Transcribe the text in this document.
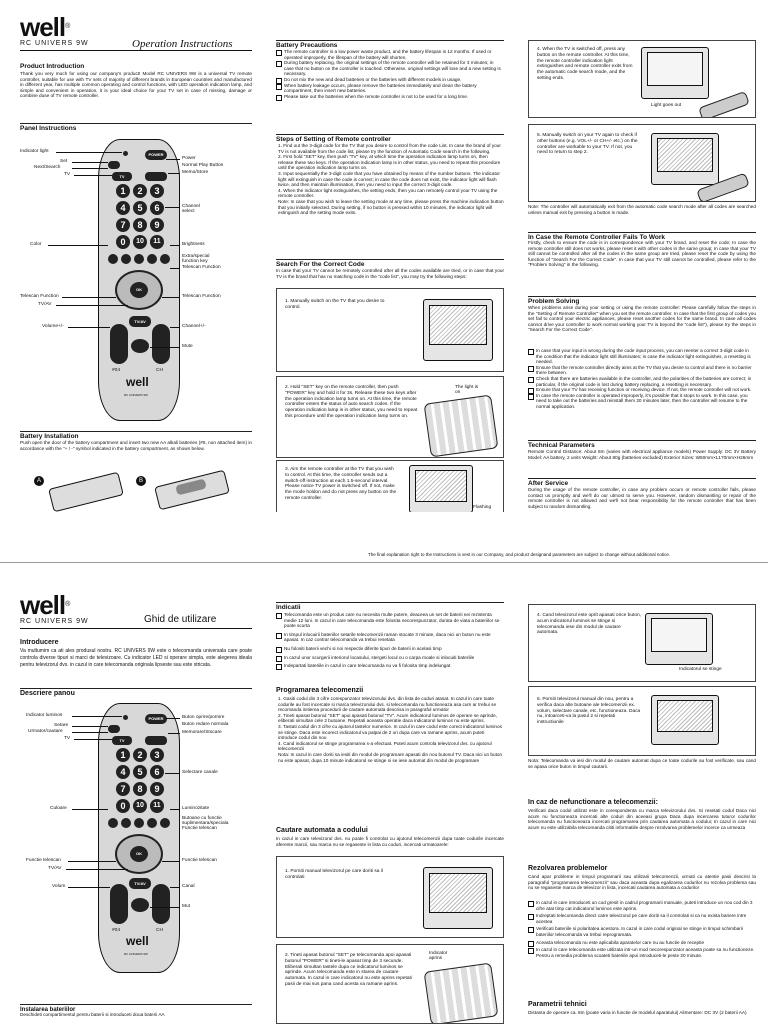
well®
RC UNIVERS 9W	Operation Instructions
Product Introduction
Thank you very much for using our company's product! Model RC UNIVERS 9W is a universal TV remote controller, suitable for use with TV sets of majority of different brands in European countries and manufactured in different year, has multiple common operating and control functions, with LED operation indication lamp, and simple and convenient in operation, it is your ideal choice for your TV set in case of missing, damage or combine duse of TV remote controller.
Panel Instructions
POWER
TV
1	2	3
4	5	6
7	8	9
0	10	11
OK
TV/AV
#04	CH
well
RC UNIVERS 9W
Indicator light
Set
Next/Search
TV
Color
Telescan Function
TV/AV
Volume+/-
Power
Normal Play Button
Memo/Store
Channel select
Brightness
Extra/special function key
Telescan Function
Telescan Function
Channel+/-
Mute
Battery Installation
Push open the door of the battery compartment and insert two new AA alkali batteries (#5, non attached item) in accordance with the "+ / -" symbol indicated in the battery compartment, as shown below.
A	B
Battery Precautions
The remote controller is a low power waste product, and the battery lifespan is 12 months. If used or operated improperly, the lifespan of the battery will shorten.
During battery replacing, the original settings of the remote controller will be retained for 3 minutes; in case that no button on the controller is touched. Otherwise, original settings will lose and a new setting is necessary.
Do not mix the new and dead batteries or the batteries with different models in usage.
When battery leakage occurs, please remove the batteries immediately and clean the battery compartment, then insert new batteries.
Please take out the batteries when the remote controller is not to be used for a long time.
Steps of Setting of Remote controller
1. Find out the 3-digit code for the TV that you desire to control from the code List. In case the brand of your TV is not available from the code list, please try the function of Automatic Code search in the following.
2. First hold "SET" key, then push "TV" key, at which time the operation indication lamp turns on, then release these two keys. If the operation indication lamp is in other status, you need to repeat this procedure until the operation indication lamp turns on.
3. Input sequentially the 3-digit code that you have obtained by means of the number buttons. The indicator light will extinguish in case the code is correct; in case the code does not exist, the indicator light will flash twice, and then maintain illumination, then you need to input the correct 3-digit code.
4. When the indicator light extinguishes, the setting ends, then you can remotely control your TV using the remote controller.
Note: In case that you wish to leave the setting mode at any time, please press the machine indication button that you initially selected. During setting, if no button is pressed within 10 minutes, the indicator light will extinguish and the setting mode exits.
Search For the Correct Code
In case that your TV cannot be remotely controlled after all the codes available are tried, or in case that your TV is the brand that has no matching code in the "code list", you may try the following steps:
1. Manually switch on the TV that you desire to control.
2. Hold "SET" key on the remote controller, then push "POWER" key and hold it for 3s. Release these two keys after the operation indication lamp turns on. At this time, the remote controller enters the status of auto search codes. If the operation indication lamp is in other status, you need to repeat this procedure until the operation indication lamp turns on.
The light is on
3. Aim the remote controller at the TV that you wish to control. At this time, the controller sends out a switch-off instruction at each 1.5-second interval. Please notice TV power is switched off. If not, make the mode holdon and do not press any button on the remote controller.
Flashing
4. When the TV is switched off, press any button on the remote controller. At this time, the remote controller indication light extinguishes and remote controller exits from the automatic code search mode, and the setting ends.
Light goes out
5. Manually switch on your TV again to check if other buttons (e.g. VOL+/- or CH+/- etc.) on the controller are workable to your TV. If not, you need to return to step 2.
Note: The controller will automatically exit from the automatic code search mode after all codes are searched unless manual exit by pressing a button is made.
In Case the Remote Controller Fails To Work
Firstly, check to ensure the code is in correspondence with your TV brand, and reset the code; In case the remote controller still does not works, please reset it with other codes in the same group; In case that your TV still cannot be controlled after all the codes in the same group are tried, please reset the code by using the function of "Search For the Correct Code". In case that your TV still cannot be controlled, please refer to the "Problem Solving" in the following.
Problem Solving
When problems arise during your setting or using the remote controller: Please carefully follow the steps in the "Setting of Remote Controller" when you set the remote controller. In case that the first group of codes you set fail to control your electric appliances, please reset another codes for the same brand. In case all codes cannot drive your controller to work normal working your TV is beyond the "code list"), please try the steps in "Search For the Correct Code".
In case that your input is wrong during the code input process, you can reenter a correct 3-digit code in the condition that the indicator light still illuminates; in case the indicator light extinguishes, a resetting is needed.
Ensure that the remote controller directly aims at the TV that you desire to control and there is no barrier there between.
Check that there are batteries available in the controller, and the polarities of the batteries are correct; in particular, if the original code is lost during battery replacing, a resetting is necessary.
Ensure that your TV has receiving function or receiving device. If not, the remote controller will not work.
In case the remote controller is operated improperly, it's possible that it stops to work. In this case, you need to take out the batteries and reinstall them 20 minutes later, then the controller will resume to the normal application.
Technical Parameters
Remote Control Distance: About 8m (varies with electrical appliance models) Power Supply: DC 3V Battery Model: AA battery, 2 units Weight: About 80g (batteries excluded) Exterior Sizes: W50mm×L170mm×H26mm
After Service
During the usage of the remote controller, in case any problem occurs or remote controller fails, please contact us promptly and we'll do our utmost to serve you. However, random dismantling or repair of the remote controller is not allowed and we'll not bear responsibility for the remote controller that has been subject to random dismantling.
The final explanation right to the Instructions is vest in our Company, and product designand parameters are subject to change without additional notice.
well®
RC UNIVERS 9W	Ghid de utilizare
Introducere
Va multumim ca ati ales produsul nostru. RC UNIVERS 9W este o telecomanda universala care poate controla diverse tipuri si marci de televizoare. Cu indicator LED si operare simpla, este alegerea ideala pentru televizorul dvs. in cazul in care telecomanda originala lipseste sau este stricata.
Descriere panou
POWER
TV
1	2	3
4	5	6
7	8	9
0	10	11
OK
TV/AV
#04	CH
well
RC UNIVERS 9W
Indicator luminos
Setare
Urmator/cautare
TV
Culoare
Functie telescan
TV/AV
Volum
Buton oprire/pornire
Buton redare normala
Memorare/Stocare
Selectare canale
Luminozitate
Butoane cu functie suplimentara/speciala Functie telescan
Functie telescan
Canal
Mut
Instalarea bateriilor
Deschideti compartimentul pentru baterii si introduceti doua baterii AA
Indicatii
Telecomanda este un produs care nu necesita multe putere, deaceea un set de baterii nei rezistenta medie 12 luni. In cazul in care telecomanda este folosita necorespunzator, durata de viata a bateriilor se poate scurta
In timpul inlocuirii bateriilor setarile telecomenzii raman stocate 3 minute, daca nici un buton nu este apasat. In caz contrar telecomanda va trebui resetata
Nu folositi baterii vechi si noi respectiv diferite tipuri de baterii in acelasi timp
In cazul unor scurgerii interiorul locasului, stergeti locul cu o carpa moale si inlocuiti bateriile
Indepartati bateriile in cazul in care telecomanda nu va fi folosita timp indelungat
Programarea telecomenzii
1. Gasiti codul din 3 cifre corespunzator televizorului dvs. din lista de coduri atasat. In cazul in care toate codurile au fost incercate si marca televizorului dvs. si telecomanda nu functioneaza asa cum ar trebui se recomanda initierea procedurii de cautare automata descrisa in paragraful urmator
2. Tineti apasat butonul "SET" apoi apasati butonul "TV". Acum indicatorul luminos de operare se aprinde, eliberati simultan cele 2 butoane. Repetati aceasta operatie daca indicatorul luminos nu este aprins.
3. Tastati codul din 3 cifre cu ajutorul tastelor numerice. In cazul in care codul este corect indicatorul luminos se stinge. Daca este incorect indicatorul va palpai de 2 ori dupa care va ramane aprins, acum puteti introduce codul din nou
4. Cand indicatorul se stinge programarea s-a efectuat. Puteti acum controla televizorul dvs. cu ajutorul telecomenzii
Nota: In cazul in care doriti sa iesiti din modul de programare apasati din nou butonul TV. Daca nici un buton nu este apasat, dupa 10 minute indicatorul se stinge si se iese automat din modul de programare
Cautare automata a codului
In cazul in care televizorul dvs. nu poate fi controlat cu ajutorul telecomenzii dupa toate codurile incercate aferente marcii, sau marca nu se regaseste in lista cu coduri, incercati urmatoarele:
1. Porniti manual televizorul pe care doriti sa il controlati
2. Tineti apasat butonul "SET" pe telecomanda apoi apasati butonul "POWER" si tineti-le apasat timp de 3 secunde. Eliberati simultan tastele dupa ce indicatorul luminos se aprinde. Acum telecomanda este in starea de cautare automata. In cazul in care indicatorul nu este aprins repetati pasii de mai sus pana cand acesta va ramane aprins.
Indicator aprins
4. Cand televizorul este oprit apasati orice buton, acum indicatorul luminos se stinge si telecomanda iese din modul de cautare automata.
Indicatorul se stinge
5. Porniti televizorul manual din nou, pentru a verifica daca alte butoane ale telecomenzii ex. volum, selectare canale, etc. functioneaza. Daca nu, intoarceti-va la pasul 2 si repetati instructiunile
Nota: Telecomanda va iesi din modul de cautare automat dupa ce toate codurile au fost verificate, sau cand se apasa orice buton in timpul cautarii.
In caz de nefunctionare a telecomenzii:
Verificati daca codul utilizat este in corespondenta cu marca televizorului dvs. Si resetati codul Daca nici acum nu functioneaza incercati alte coduri din aceeasi grupa Daca dupa incercarea tuturor codurilor telecomanda nu functioneaza incercati programarea prin cautarea automata a codului; In cazul in care nici acum nu este utilizabila telecomanda cititi informatiile despre rezolvarea problemelor incerce ca urmeaza
Rezolvarea problemelor
Cand apar probleme in timpul programarii sau utilizarii telecomenzii, urmati cu atentie pasii descrisi la paragraful "programarea telecomenzii" sau daca aceasta dupa egalizarea codurilor nu rezolva problema sau nu se regaseste marca de televizor in lista, incercati cautarea automata a codurilor
In cazul in care introduceti un cod gresit in cadrul programarii manuale, puteti introduce un nou cod din 3 cifre atat timp cat indicatorul luminos este aprins.
Indreptati telecomanda direct catre televizorul pe care doriti sa il controlati si ca nu exista bariere intre acestea
Verificati bateriile si polaritatea acestora. In cazul in care codul original se stinge in timpul schimbarii bateriilor telecomanda va trebui reprogramata.
Aceasta telecomanda nu este aplicabila aparatelor care nu au functie de receptie
In cazul in care telecomanda este utilizata intr-un mod necorespunzator aceasta poate sa nu functioneze. Pentru a remedia problema scoateti bateriile apoi introduceti-le peste 20 minute.
Parametrii tehnici
Distanta de operare ca. 8m (poate varia in functie de modelul aparatului) Alimentare: DC 3V (2 baterii AA)
